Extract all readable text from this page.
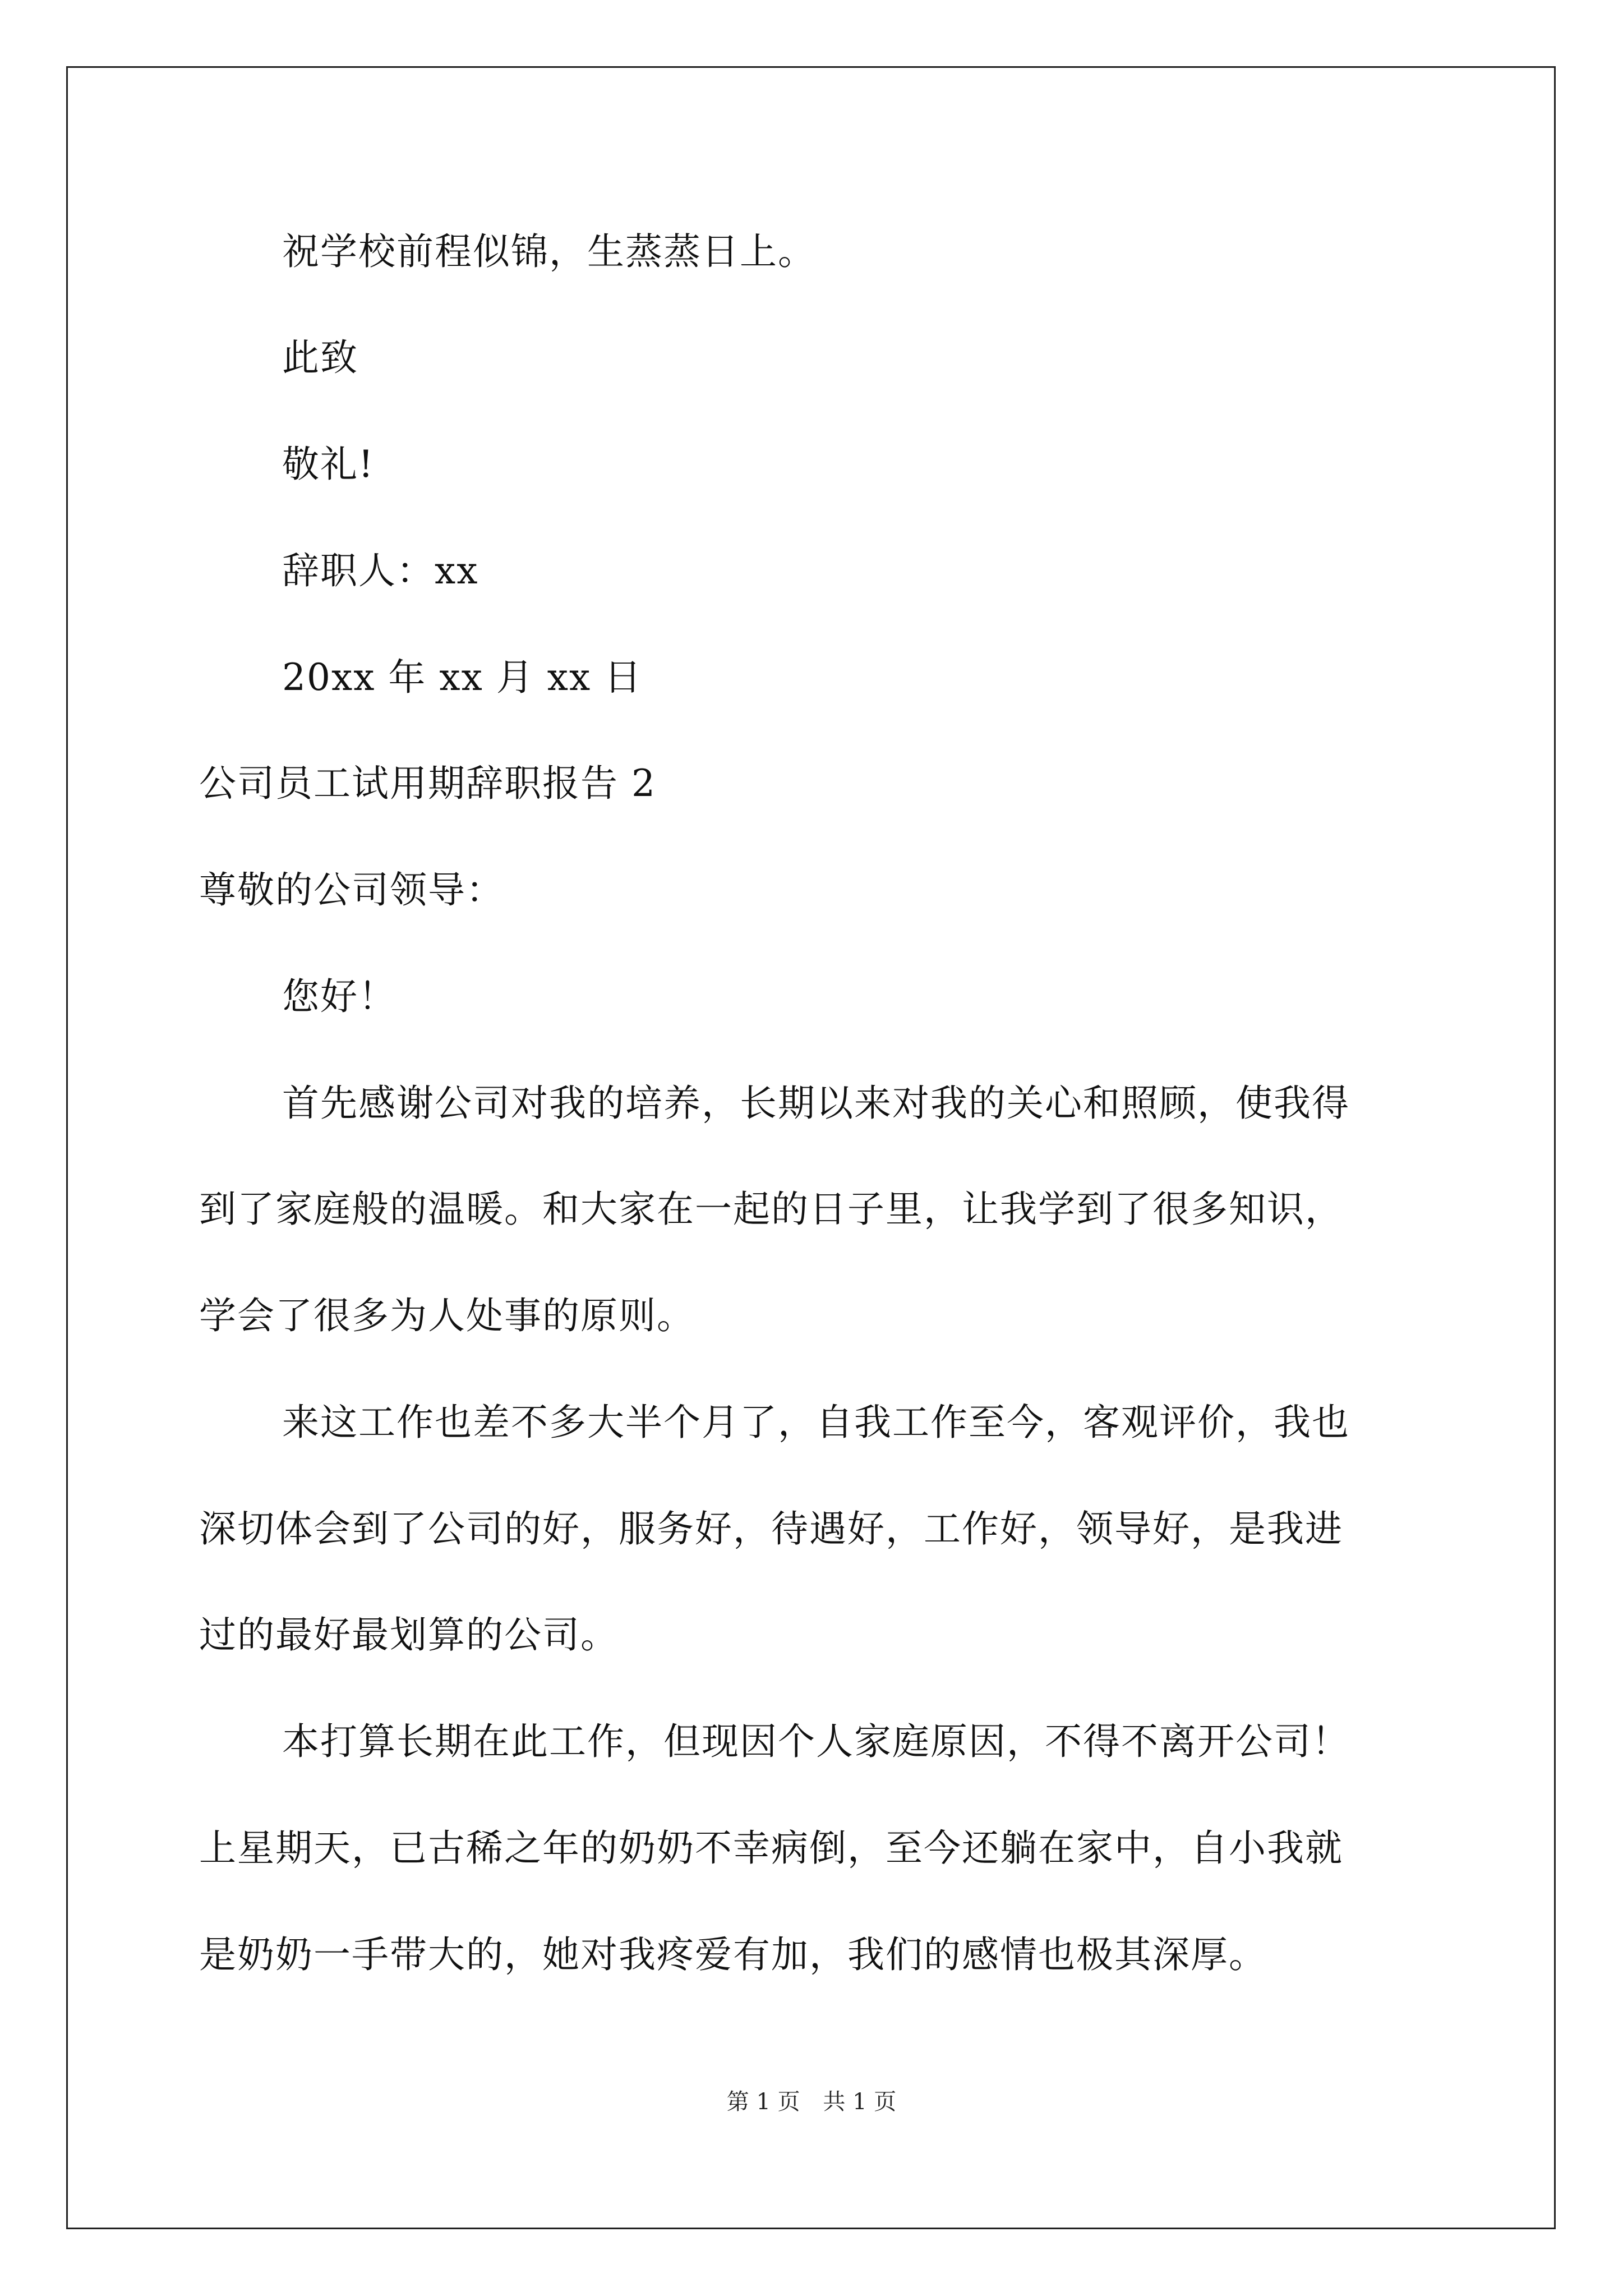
祝学校前程似锦，生蒸蒸日上。
此致
敬礼!
辞职人：xx
20xx 年 xx 月 xx 日
公司员工试用期辞职报告 2
尊敬的公司领导：
您好！
首先感谢公司对我的培养，长期以来对我的关心和照顾，使我得
到了家庭般的温暖。和大家在一起的日子里，让我学到了很多知识，
学会了很多为人处事的原则。
来这工作也差不多大半个月了，自我工作至今，客观评价，我也
深切体会到了公司的好，服务好，待遇好，工作好，领导好，是我进
过的最好最划算的公司。
本打算长期在此工作，但现因个人家庭原因，不得不离开公司！
上星期天，已古稀之年的奶奶不幸病倒，至今还躺在家中，自小我就
是奶奶一手带大的，她对我疼爱有加，我们的感情也极其深厚。
第 1 页 共 1 页
